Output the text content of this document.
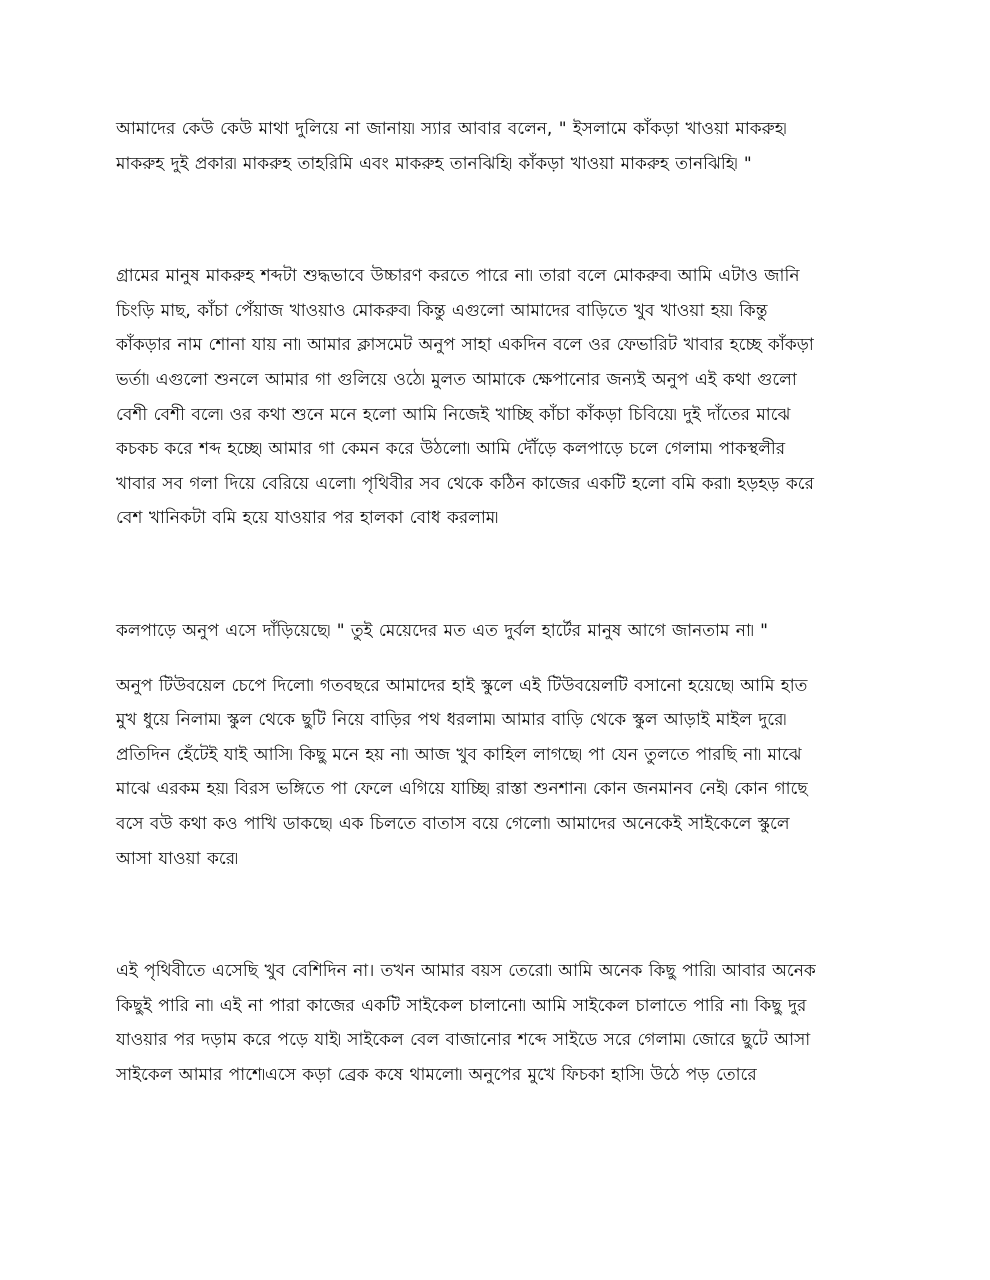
আমাদের কেউ কেউ মাথা দুলিয়ে না জানায়৷ স্যার আবার বলেন, " ইসলামে কাঁকড়া খাওয়া মাকরুহ৷
মাকরুহ দুই প্রকার৷ মাকরুহ তাহরিমি এবং মাকরুহ তানঝিহি৷ কাঁকড়া খাওয়া মাকরুহ তানঝিহি৷ "

গ্রামের মানুষ মাকরুহ শব্দটা শুদ্ধভাবে উচ্চারণ করতে পারে না৷ তারা বলে মোকরুব৷ আমি এটাও জানি
চিংড়ি মাছ, কাঁচা পেঁয়াজ খাওয়াও মোকরুব৷ কিন্তু এগুলো আমাদের বাড়িতে খুব খাওয়া হয়৷ কিন্তু
কাঁকড়ার নাম শোনা যায় না৷ আমার ক্লাসমেট অনুপ সাহা একদিন বলে ওর ফেভারিট খাবার হচ্ছে কাঁকড়া
ভর্তা৷ এগুলো শুনলে আমার গা গুলিয়ে ওঠে৷ মুলত আমাকে ক্ষেপানোর জন্যই অনুপ এই কথা গুলো
বেশী বেশী বলে৷ ওর কথা শুনে মনে হলো আমি নিজেই খাচ্ছি কাঁচা কাঁকড়া চিবিয়ে৷ দুই দাঁতের মাঝে
কচকচ করে শব্দ হচ্ছে৷ আমার গা কেমন করে উঠলো৷ আমি দৌঁড়ে কলপাড়ে চলে গেলাম৷ পাকস্থলীর
খাবার সব গলা দিয়ে বেরিয়ে এলো৷ পৃথিবীর সব থেকে কঠিন কাজের একটি হলো বমি করা৷ হড়হড় করে
বেশ খানিকটা বমি হয়ে যাওয়ার পর হালকা বোধ করলাম৷

কলপাড়ে অনুপ এসে দাঁড়িয়েছে৷ " তুই মেয়েদের মত এত দুর্বল হার্টের মানুষ আগে জানতাম না৷ "

অনুপ টিউবয়েল চেপে দিলো৷ গতবছরে আমাদের হাই স্কুলে এই টিউবয়েলটি বসানো হয়েছে৷ আমি হাত
মুখ ধুয়ে নিলাম৷ স্কুল থেকে ছুটি নিয়ে বাড়ির পথ ধরলাম৷ আমার বাড়ি থেকে স্কুল আড়াই মাইল দুরে৷
প্রতিদিন হেঁটেই যাই আসি৷ কিছু মনে হয় না৷ আজ খুব কাহিল লাগছে৷ পা যেন তুলতে পারছি না৷ মাঝে
মাঝে এরকম হয়৷ বিরস ভঙ্গিতে পা ফেলে এগিয়ে যাচ্ছি৷ রাস্তা শুনশান৷ কোন জনমানব নেই৷ কোন গাছে
বসে বউ কথা কও পাখি ডাকছে৷ এক চিলতে বাতাস বয়ে গেলো৷ আমাদের অনেকেই সাইকেলে স্কুলে
আসা যাওয়া করে৷

এই পৃথিবীতে এসেছি খুব বেশিদিন না। তখন আমার বয়স তেরো৷ আমি অনেক কিছু পারি৷ আবার অনেক
কিছুই পারি না৷ এই না পারা কাজের একটি সাইকেল চালানো৷ আমি সাইকেল চালাতে পারি না৷ কিছু দুর
যাওয়ার পর দড়াম করে পড়ে যাই৷ সাইকেল বেল বাজানোর শব্দে সাইডে সরে গেলাম৷ জোরে ছুটে আসা
সাইকেল আমার পাশে৷এসে কড়া ব্রেক কষে থামলো৷ অনুপের মুখে ফিচকা হাসি৷ উঠে পড় তোরে
